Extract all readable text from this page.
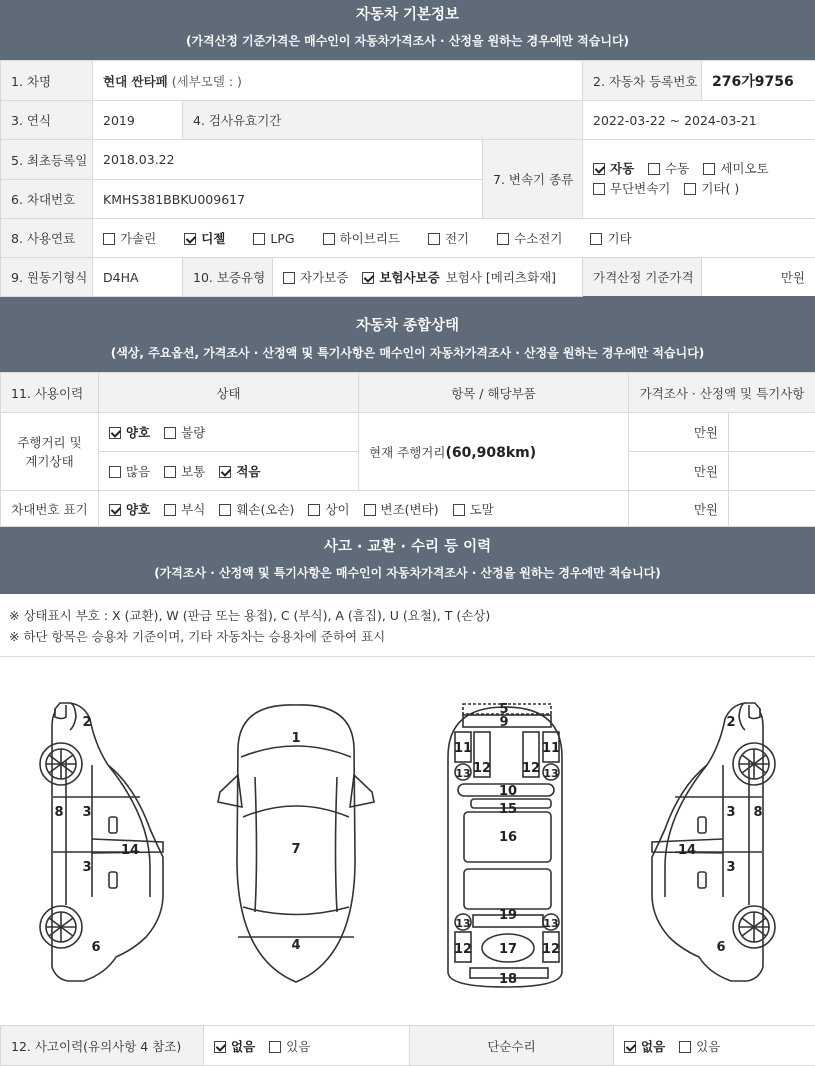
자동차 기본정보
(가격산정 기준가격은 매수인이 자동차가격조사 · 산정을 원하는 경우에만 적습니다)
1. 차명	현대 싼타페 (세부모델 : )				2. 자동차 등록번호	276가9756
3. 연식	2019	4. 검사유효기간			2022-03-22 ~ 2024-03-21	
5. 최초등록일	2018.03.22			7. 변속기 종류	자동 수동 세미오토
무단변속기 기타( )	
6. 차대번호	KMHS381BBKU009617					
8. 사용연료	가솔린 디젤 LPG 하이브리드 전기 수소전기 기타					
9. 원동기형식	D4HA	10. 보증유형	자가보증 보험사보증 보험사 [메리츠화재]		가격산정 기준가격	만원
자동차 종합상태
(색상, 주요옵션, 가격조사 · 산정액 및 특기사항은 매수인이 자동차가격조사 · 산정을 원하는 경우에만 적습니다)
11. 사용이력	상태	항목 / 해당부품	가격조사 · 산정액 및 특기사항	
주행거리 및 계기상태	양호 불량	현재 주행거리(60,908km)	만원	
	많음 보통 적음		만원	
차대번호 표기	양호 부식 훼손(오손) 상이 변조(변타) 도말		만원	
사고 · 교환 · 수리 등 이력
(가격조사 · 산정액 및 특기사항은 매수인이 자동차가격조사 · 산정을 원하는 경우에만 적습니다)
※ 상태표시 부호 : X (교환), W (판금 또는 용접), C (부식), A (흠집), U (요철), T (손상)
※ 하단 항목은 승용차 기준이며, 기타 자동차는 승용차에 준하여 표시
2
8 3
3
14
6
1
7
4
5
9
11	11
12 12
13	13
10
15
16
19
13	13
12 17 12
18
2
3 8
14
3
6
12. 사고이력(유의사항 4 참조)	없음 있음	단순수리	없음 있음
